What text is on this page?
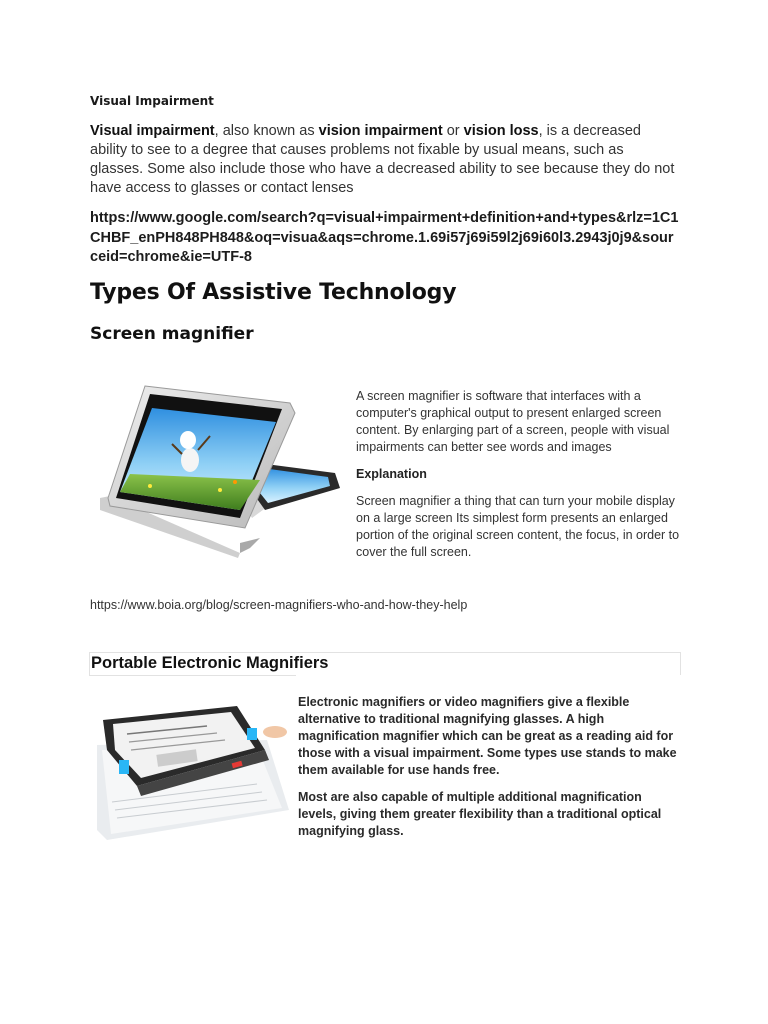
Visual Impairment

Visual impairment, also known as vision impairment or vision loss, is a decreased ability to see to a degree that causes problems not fixable by usual means, such as glasses. Some also include those who have a decreased ability to see because they do not have access to glasses or contact lenses

https://www.google.com/search?q=visual+impairment+definition+and+types&rlz=1C1CHBF_enPH848PH848&oq=visua&aqs=chrome.1.69i57j69i59l2j69i60l3.2943j0j9&sourceid=chrome&ie=UTF-8
Types Of Assistive Technology
Screen magnifier

A screen magnifier is software that interfaces with a computer's graphical output to present enlarged screen content. By enlarging part of a screen, people with visual impairments can better see words and images

Explanation

Screen magnifier a thing that can turn your mobile display on a large screen Its simplest form presents an enlarged portion of the original screen content, the focus, in order to cover the full screen.

https://www.boia.org/blog/screen-magnifiers-who-and-how-they-help
Portable Electronic Magnifiers

Electronic magnifiers or video magnifiers give a flexible alternative to traditional magnifying glasses. A high magnification magnifier which can be great as a reading aid for those with a visual impairment. Some types use stands to make them available for use hands free.

Most are also capable of multiple additional magnification levels, giving them greater flexibility than a traditional optical magnifying glass.
